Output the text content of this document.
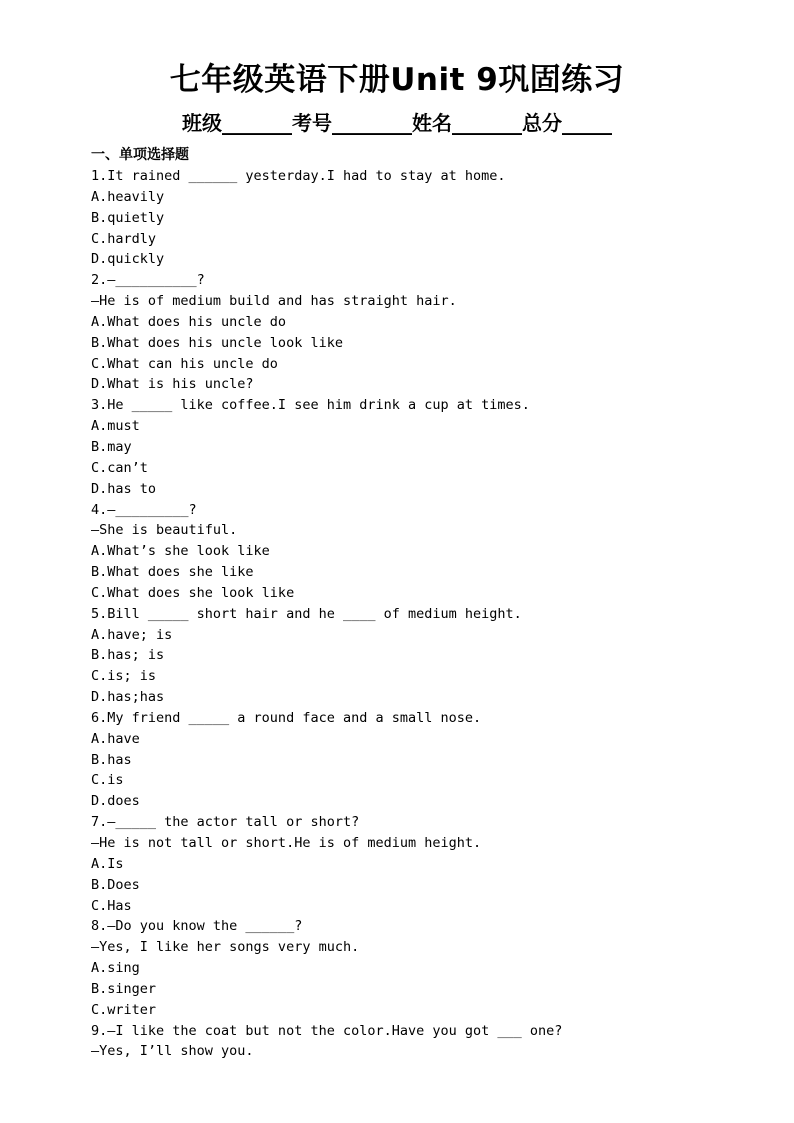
七年级英语下册Unit 9巩固练习
班级_______考号________姓名_______总分_____
一、单项选择题
1.It rained ______ yesterday.I had to stay at home.
A.heavily
B.quietly
C.hardly
D.quickly
2.—__________?
—He is of medium build and has straight hair.
A.What does his uncle do
B.What does his uncle look like
C.What can his uncle do
D.What is his uncle?
3.He _____ like coffee.I see him drink a cup at times.
A.must
B.may
C.can’t
D.has to
4.—_________?
—She is beautiful.
A.What’s she look like
B.What does she like
C.What does she look like
5.Bill _____ short hair and he ____ of medium height.
A.have; is
B.has; is
C.is; is
D.has;has
6.My friend _____ a round face and a small nose.
A.have
B.has
C.is
D.does
7.—_____ the actor tall or short?
—He is not tall or short.He is of medium height.
A.Is
B.Does
C.Has
8.—Do you know the ______?
—Yes, I like her songs very much.
A.sing
B.singer
C.writer
9.—I like the coat but not the color.Have you got ___ one?
—Yes, I’ll show you.
